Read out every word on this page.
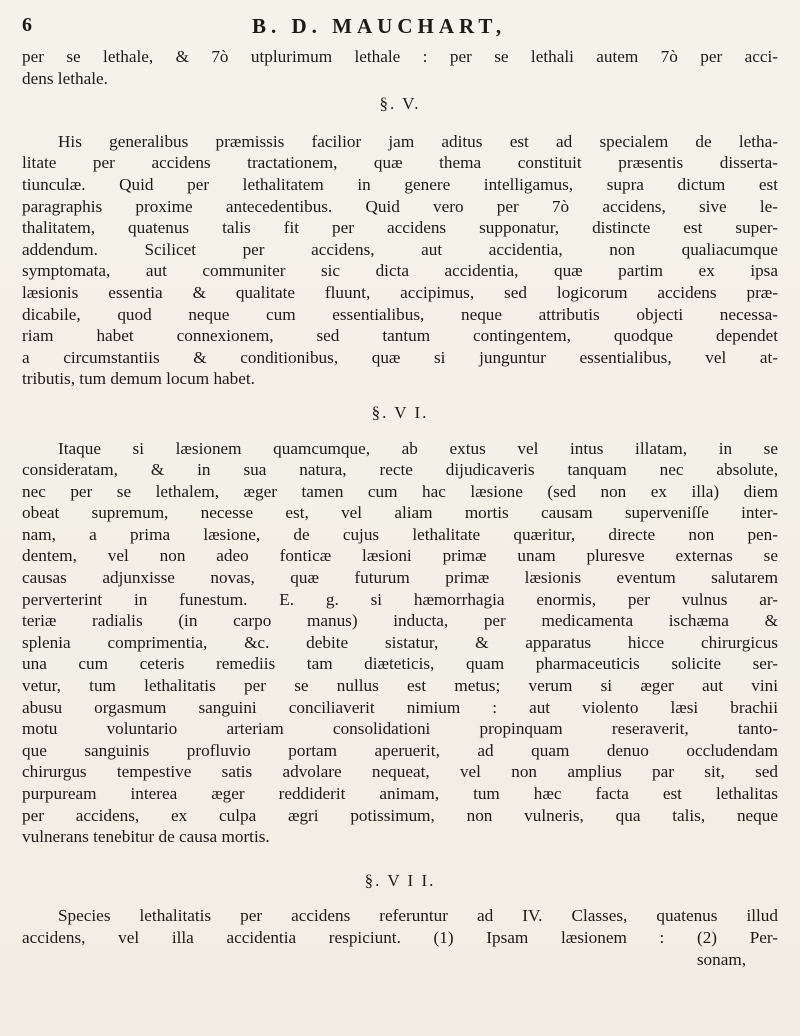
6	B. D. MAUCHART,
per se lethale, & 7ò utplurimum lethale : per se lethali autem 7ò per acci-
dens lethale.
§. V.
His generalibus præmissis facilior jam aditus est ad specialem de letha-
litate per accidens tractationem, quæ thema constituit præsentis disserta-
tiunculæ. Quid per lethalitatem in genere intelligamus, supra dictum est
paragraphis proxime antecedentibus. Quid vero per 7ò accidens, sive le-
thalitatem, quatenus talis fit per accidens supponatur, distincte est super-
addendum. Scilicet per accidens, aut accidentia, non qualiacumque
symptomata, aut communiter sic dicta accidentia, quæ partim ex ipsa
læsionis essentia & qualitate fluunt, accipimus, sed logicorum accidens præ-
dicabile, quod neque cum essentialibus, neque attributis objecti necessa-
riam habet connexionem, sed tantum contingentem, quodque dependet
a circumstantiis & conditionibus, quæ si junguntur essentialibus, vel at-
tributis, tum demum locum habet.
§. V I.
Itaque si læsionem quamcumque, ab extus vel intus illatam, in se
consideratam, & in sua natura, recte dijudicaveris tanquam nec absolute,
nec per se lethalem, æger tamen cum hac læsione (sed non ex illa) diem
obeat supremum, necesse est, vel aliam mortis causam superveniſſe inter-
nam, a prima læsione, de cujus lethalitate quæritur, directe non pen-
dentem, vel non adeo fonticæ læsioni primæ unam pluresve externas se
causas adjunxisse novas, quæ futurum primæ læsionis eventum salutarem
perverterint in funestum. E. g. si hæmorrhagia enormis, per vulnus ar-
teriæ radialis (in carpo manus) inducta, per medicamenta ischæma &
splenia comprimentia, &c. debite sistatur, & apparatus hicce chirurgicus
una cum ceteris remediis tam diæteticis, quam pharmaceuticis solicite ser-
vetur, tum lethalitatis per se nullus est metus; verum si æger aut vini
abusu orgasmum sanguini conciliaverit nimium : aut violento læsi brachii
motu voluntario arteriam consolidationi propinquam reseraverit, tanto-
que sanguinis profluvio portam aperuerit, ad quam denuo occludendam
chirurgus tempestive satis advolare nequeat, vel non amplius par sit, sed
purpuream interea æger reddiderit animam, tum hæc facta est lethalitas
per accidens, ex culpa ægri potissimum, non vulneris, qua talis, neque
vulnerans tenebitur de causa mortis.
§. V I I.
Species lethalitatis per accidens referuntur ad IV. Classes, quatenus illud
accidens, vel illa accidentia respiciunt. (1) Ipsam læsionem : (2) Per-
sonam,
